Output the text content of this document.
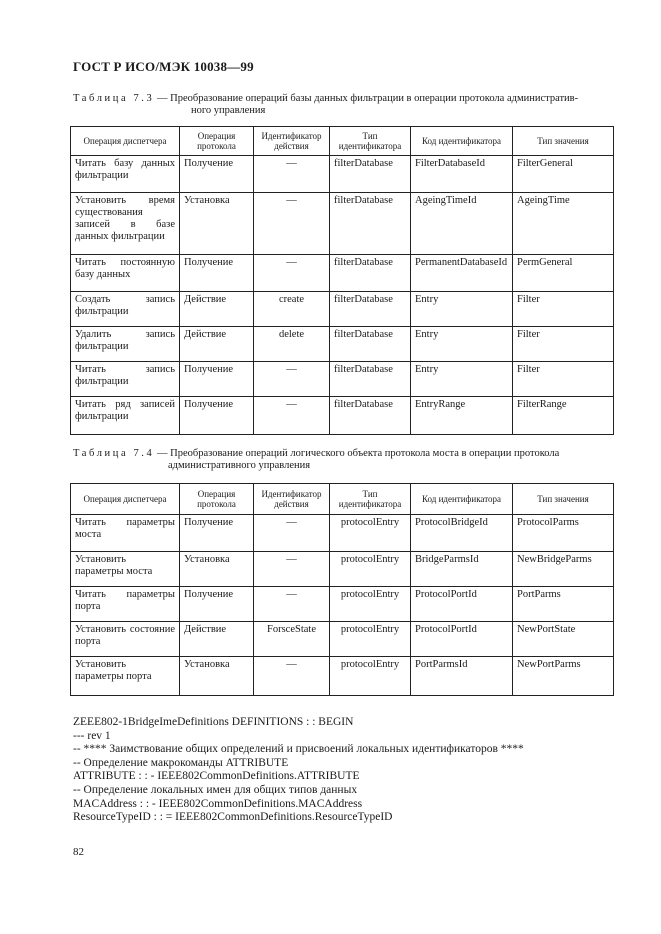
ГОСТ Р ИСО/МЭК 10038—99
Таблица 7.3 — Преобразование операций базы данных фильтрации в операции протокола административ-
ного управления
Операция диспетчера	Операция протокола	Идентификатор действия	Тип идентификатора	Код идентификатора	Тип значения
Читать базу данных фильтрации	Получение	—	filterDatabase	FilterDatabaseId	FilterGeneral
Установить время существования записей в базе данных фильтрации	Установка	—	filterDatabase	AgeingTimeId	AgeingTime
Читать постоянную базу данных	Получение	—	filterDatabase	PermanentDatabaseId	PermGeneral
Создать запись фильтрации	Действие	create	filterDatabase	Entry	Filter
Удалить запись фильтрации	Действие	delete	filterDatabase	Entry	Filter
Читать запись фильтрации	Получение	—	filterDatabase	Entry	Filter
Читать ряд записей фильтрации	Получение	—	filterDatabase	EntryRange	FilterRange
Таблица 7.4 — Преобразование операций логического объекта протокола моста в операции протокола
административного управления
Операция диспетчера	Операция протокола	Идентификатор действия	Тип идентификатора	Код идентификатора	Тип значения
Читать параметры моста	Получение	—	protocolEntry	ProtocolBridgeId	ProtocolParms
Установить параметры моста	Установка	—	protocolEntry	BridgeParmsId	NewBridgeParms
Читать параметры порта	Получение	—	protocolEntry	ProtocolPortId	PortParms
Установить состояние порта	Действие	ForsceState	protocolEntry	ProtocolPortId	NewPortState
Установить параметры порта	Установка	—	protocolEntry	PortParmsId	NewPortParms
ZEEE802-1BridgeImeDefinitions DEFINITIONS : : BEGIN
--- rev 1
-- **** Заимствование общих определений и присвоений локальных идентификаторов ****
-- Определение макрокоманды ATTRIBUTE
ATTRIBUTE : : - IEEE802CommonDefinitions.ATTRIBUTE
-- Определение локальных имен для общих типов данных
MACAddress : : - IEEE802CommonDefinitions.MACAddress
ResourceTypeID : : = IEEE802CommonDefinitions.ResourceTypeID
82
